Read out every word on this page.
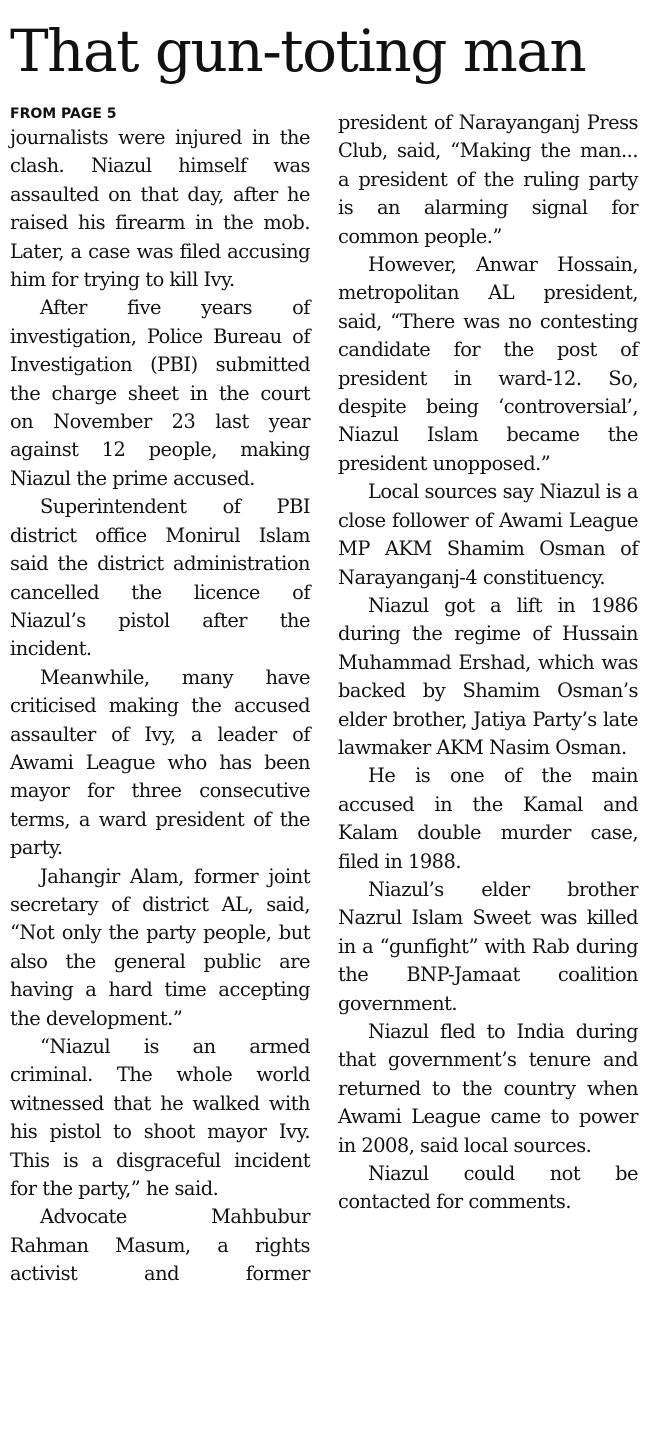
That gun-toting man

FROM PAGE 5

journalists were injured in the clash. Niazul himself was assaulted on that day, after he raised his firearm in the mob. Later, a case was filed accusing him for trying to kill Ivy.

After five years of investigation, Police Bureau of Investigation (PBI) submitted the charge sheet in the court on November 23 last year against 12 people, making Niazul the prime accused.

Superintendent of PBI district office Monirul Islam said the district administration cancelled the licence of Niazul’s pistol after the incident.

Meanwhile, many have criticised making the accused assaulter of Ivy, a leader of Awami League who has been mayor for three consecutive terms, a ward president of the party.

Jahangir Alam, former joint secretary of district AL, said, “Not only the party people, but also the general public are having a hard time accepting the development.”

“Niazul is an armed criminal. The whole world witnessed that he walked with his pistol to shoot mayor Ivy. This is a disgraceful incident for the party,” he said.

Advocate Mahbubur Rahman Masum, a rights activist and former

president of Narayanganj Press Club, said, “Making the man... a president of the ruling party is an alarming signal for common people.”

However, Anwar Hossain, metropolitan AL president, said, “There was no contesting candidate for the post of president in ward-12. So, despite being ‘controversial’, Niazul Islam became the president unopposed.”

Local sources say Niazul is a close follower of Awami League MP AKM Shamim Osman of Narayanganj-4 constituency.

Niazul got a lift in 1986 during the regime of Hussain Muhammad Ershad, which was backed by Shamim Osman’s elder brother, Jatiya Party’s late lawmaker AKM Nasim Osman.

He is one of the main accused in the Kamal and Kalam double murder case, filed in 1988.

Niazul’s elder brother Nazrul Islam Sweet was killed in a “gunfight” with Rab during the BNP-Jamaat coalition government.

Niazul fled to India during that government’s tenure and returned to the country when Awami League came to power in 2008, said local sources.

Niazul could not be contacted for comments.
